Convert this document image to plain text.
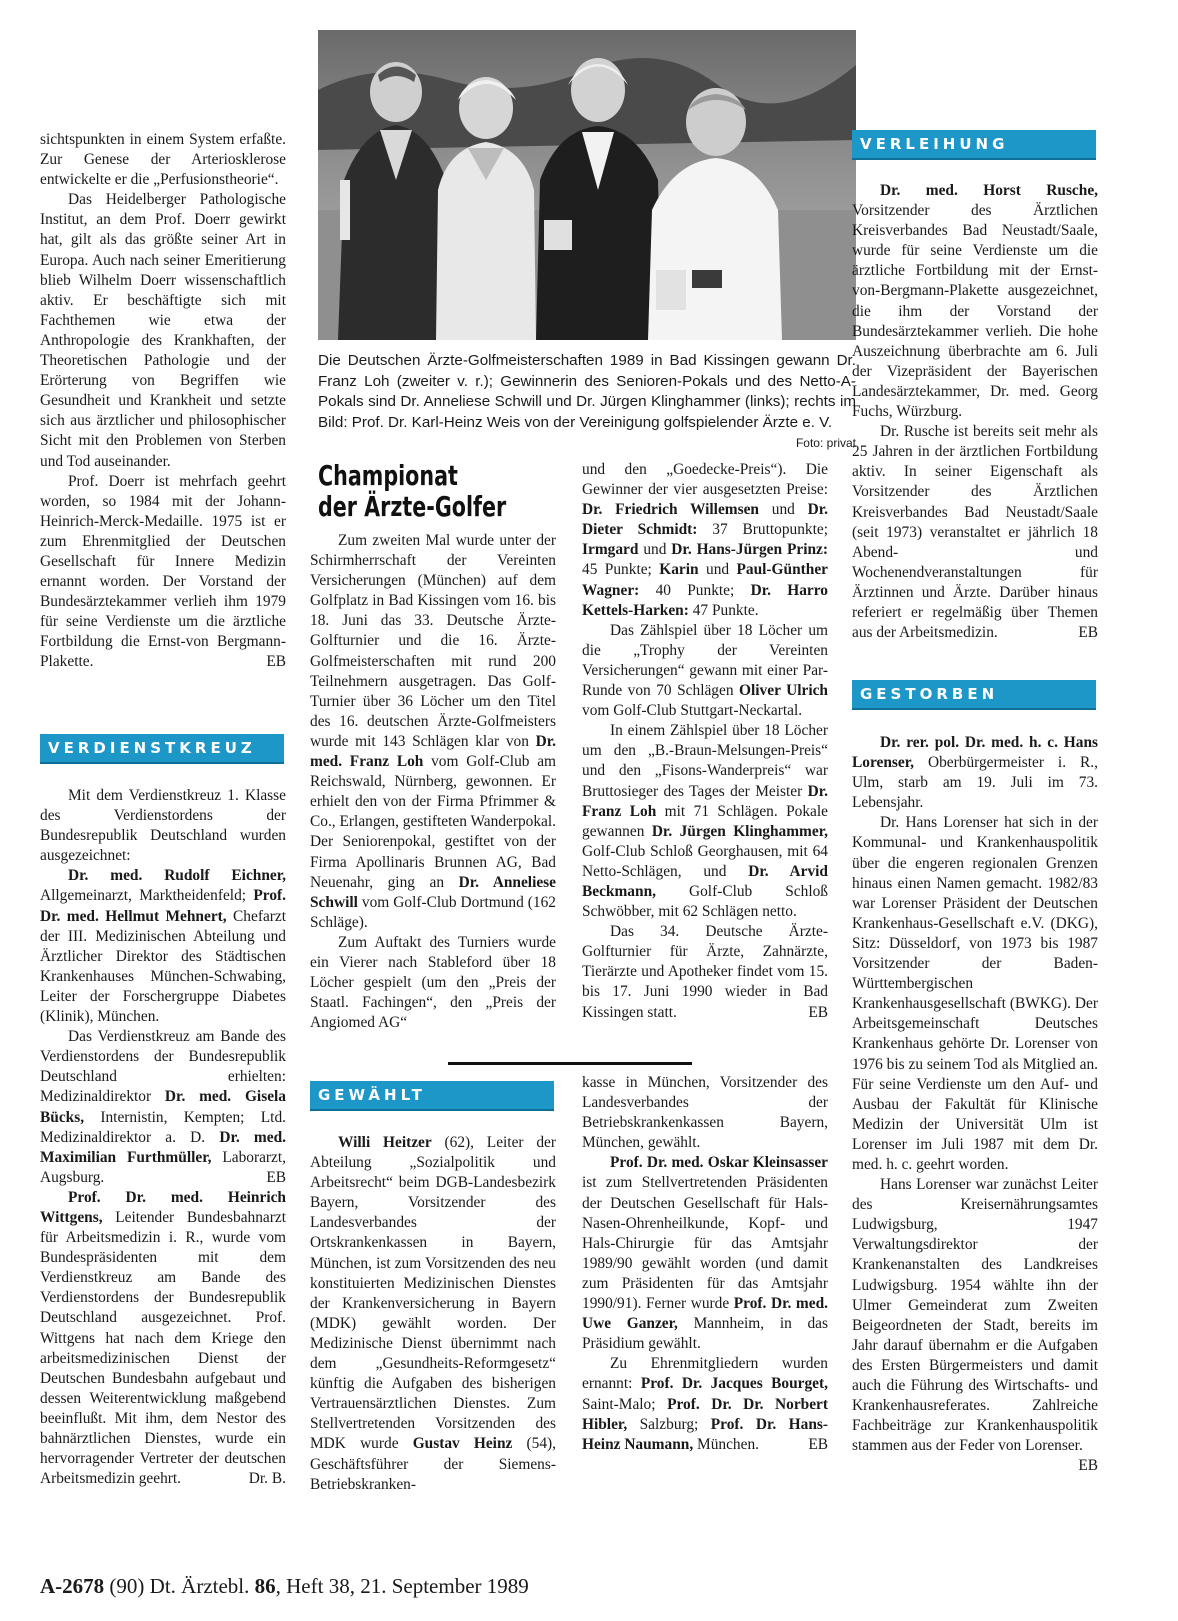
sichtspunkten in einem System erfaßte. Zur Genese der Arteriosklerose entwickelte er die „Perfusionstheorie“.

Das Heidelberger Pathologische Institut, an dem Prof. Doerr gewirkt hat, gilt als das größte seiner Art in Europa. Auch nach seiner Emeritierung blieb Wilhelm Doerr wissenschaftlich aktiv. Er beschäftigte sich mit Fachthemen wie etwa der Anthropologie des Krankhaften, der Theoretischen Pathologie und der Erörterung von Begriffen wie Gesundheit und Krankheit und setzte sich aus ärztlicher und philosophischer Sicht mit den Problemen von Sterben und Tod auseinander.

Prof. Doerr ist mehrfach geehrt worden, so 1984 mit der Johann-Heinrich-Merck-Medaille. 1975 ist er zum Ehrenmitglied der Deutschen Gesellschaft für Innere Medizin ernannt worden. Der Vorstand der Bundesärztekammer verlieh ihm 1979 für seine Verdienste um die ärztliche Fortbildung die Ernst-von Bergmann-Plakette.	EB

VERDIENSTKREUZ

Mit dem Verdienstkreuz 1. Klasse des Verdienstordens der Bundesrepublik Deutschland wurden ausgezeichnet:

Dr. med. Rudolf Eichner, Allgemeinarzt, Marktheidenfeld; Prof. Dr. med. Hellmut Mehnert, Chefarzt der III. Medizinischen Abteilung und Ärztlicher Direktor des Städtischen Krankenhauses München-Schwabing, Leiter der Forschergruppe Diabetes (Klinik), München.

Das Verdienstkreuz am Bande des Verdienstordens der Bundesrepublik Deutschland erhielten: Medizinaldirektor Dr. med. Gisela Bücks, Internistin, Kempten; Ltd. Medizinaldirektor a. D. Dr. med. Maximilian Furthmüller, Laborarzt, Augsburg.	EB

Prof. Dr. med. Heinrich Wittgens, Leitender Bundesbahnarzt für Arbeitsmedizin i. R., wurde vom Bundespräsidenten mit dem Verdienstkreuz am Bande des Verdienstordens der Bundesrepublik Deutschland ausgezeichnet. Prof. Wittgens hat nach dem Kriege den arbeitsmedizinischen Dienst der Deutschen Bundesbahn aufgebaut und dessen Weiterentwicklung maßgebend beeinflußt. Mit ihm, dem Nestor des bahnärztlichen Dienstes, wurde ein hervorragender Vertreter der deutschen Arbeitsmedizin geehrt.	Dr. B.

Die Deutschen Ärzte-Golfmeisterschaften 1989 in Bad Kissingen gewann Dr. Franz Loh (zweiter v. r.); Gewinnerin des Senioren-Pokals und des Netto-A-Pokals sind Dr. Anneliese Schwill und Dr. Jürgen Klinghammer (links); rechts im Bild: Prof. Dr. Karl-Heinz Weis von der Vereinigung golfspielender Ärzte e. V.
Foto: privat
Championat
der Ärzte-Golfer

Zum zweiten Mal wurde unter der Schirmherrschaft der Vereinten Versicherungen (München) auf dem Golfplatz in Bad Kissingen vom 16. bis 18. Juni das 33. Deutsche Ärzte-Golfturnier und die 16. Ärzte-Golfmeisterschaften mit rund 200 Teilnehmern ausgetragen. Das Golf-Turnier über 36 Löcher um den Titel des 16. deutschen Ärzte-Golfmeisters wurde mit 143 Schlägen klar von Dr. med. Franz Loh vom Golf-Club am Reichswald, Nürnberg, gewonnen. Er erhielt den von der Firma Pfrimmer & Co., Erlangen, gestifteten Wanderpokal. Der Seniorenpokal, gestiftet von der Firma Apollinaris Brunnen AG, Bad Neuenahr, ging an Dr. Anneliese Schwill vom Golf-Club Dortmund (162 Schläge).

Zum Auftakt des Turniers wurde ein Vierer nach Stableford über 18 Löcher gespielt (um den „Preis der Staatl. Fachingen“, den „Preis der Angiomed AG“

und den „Goedecke-Preis“). Die Gewinner der vier ausgesetzten Preise: Dr. Friedrich Willemsen und Dr. Dieter Schmidt: 37 Bruttopunkte; Irmgard und Dr. Hans-Jürgen Prinz: 45 Punkte; Karin und Paul-Günther Wagner: 40 Punkte; Dr. Harro Kettels-Harken: 47 Punkte.

Das Zählspiel über 18 Löcher um die „Trophy der Vereinten Versicherungen“ gewann mit einer Par-Runde von 70 Schlägen Oliver Ulrich vom Golf-Club Stuttgart-Neckartal.

In einem Zählspiel über 18 Löcher um den „B.-Braun-Melsungen-Preis“ und den „Fisons-Wanderpreis“ war Bruttosieger des Tages der Meister Dr. Franz Loh mit 71 Schlägen. Pokale gewannen Dr. Jürgen Klinghammer, Golf-Club Schloß Georghausen, mit 64 Netto-Schlägen, und Dr. Arvid Beckmann, Golf-Club Schloß Schwöbber, mit 62 Schlägen netto.

Das 34. Deutsche Ärzte-Golfturnier für Ärzte, Zahnärzte, Tierärzte und Apotheker findet vom 15. bis 17. Juni 1990 wieder in Bad Kissingen statt.	EB

GEWÄHLT

Willi Heitzer (62), Leiter der Abteilung „Sozialpolitik und Arbeitsrecht“ beim DGB-Landesbezirk Bayern, Vorsitzender des Landesverbandes der Ortskrankenkassen in Bayern, München, ist zum Vorsitzenden des neu konstituierten Medizinischen Dienstes der Krankenversicherung in Bayern (MDK) gewählt worden. Der Medizinische Dienst übernimmt nach dem „Gesundheits-Reformgesetz“ künftig die Aufgaben des bisherigen Vertrauensärztlichen Dienstes. Zum Stellvertretenden Vorsitzenden des MDK wurde Gustav Heinz (54), Geschäftsführer der Siemens-Betriebskranken-

kasse in München, Vorsitzender des Landesverbandes der Betriebskrankenkassen Bayern, München, gewählt.

Prof. Dr. med. Oskar Kleinsasser ist zum Stellvertretenden Präsidenten der Deutschen Gesellschaft für Hals-Nasen-Ohrenheilkunde, Kopf- und Hals-Chirurgie für das Amtsjahr 1989/90 gewählt worden (und damit zum Präsidenten für das Amtsjahr 1990/91). Ferner wurde Prof. Dr. med. Uwe Ganzer, Mannheim, in das Präsidium gewählt.

Zu Ehrenmitgliedern wurden ernannt: Prof. Dr. Jacques Bourget, Saint-Malo; Prof. Dr. Dr. Norbert Hibler, Salzburg; Prof. Dr. Hans-Heinz Naumann, München.	EB

VERLEIHUNG

Dr. med. Horst Rusche, Vorsitzender des Ärztlichen Kreisverbandes Bad Neustadt/Saale, wurde für seine Verdienste um die ärztliche Fortbildung mit der Ernst-von-Bergmann-Plakette ausgezeichnet, die ihm der Vorstand der Bundesärztekammer verlieh. Die hohe Auszeichnung überbrachte am 6. Juli der Vizepräsident der Bayerischen Landesärztekammer, Dr. med. Georg Fuchs, Würzburg.

Dr. Rusche ist bereits seit mehr als 25 Jahren in der ärztlichen Fortbildung aktiv. In seiner Eigenschaft als Vorsitzender des Ärztlichen Kreisverbandes Bad Neustadt/Saale (seit 1973) veranstaltet er jährlich 18 Abend- und Wochenendveranstaltungen für Ärztinnen und Ärzte. Darüber hinaus referiert er regelmäßig über Themen aus der Arbeitsmedizin.	EB

GESTORBEN

Dr. rer. pol. Dr. med. h. c. Hans Lorenser, Oberbürgermeister i. R., Ulm, starb am 19. Juli im 73. Lebensjahr.

Dr. Hans Lorenser hat sich in der Kommunal- und Krankenhauspolitik über die engeren regionalen Grenzen hinaus einen Namen gemacht. 1982/83 war Lorenser Präsident der Deutschen Krankenhaus-Gesellschaft e.V. (DKG), Sitz: Düsseldorf, von 1973 bis 1987 Vorsitzender der Baden-Württembergischen Krankenhausgesellschaft (BWKG). Der Arbeitsgemeinschaft Deutsches Krankenhaus gehörte Dr. Lorenser von 1976 bis zu seinem Tod als Mitglied an. Für seine Verdienste um den Auf- und Ausbau der Fakultät für Klinische Medizin der Universität Ulm ist Lorenser im Juli 1987 mit dem Dr. med. h. c. geehrt worden.

Hans Lorenser war zunächst Leiter des Kreisernährungsamtes Ludwigsburg, 1947 Verwaltungsdirektor der Krankenanstalten des Landkreises Ludwigsburg. 1954 wählte ihn der Ulmer Gemeinderat zum Zweiten Beigeordneten der Stadt, bereits im Jahr darauf übernahm er die Aufgaben des Ersten Bürgermeisters und damit auch die Führung des Wirtschafts- und Krankenhausreferates. Zahlreiche Fachbeiträge zur Krankenhauspolitik stammen aus der Feder von Lorenser.
EB

A-2678 (90) Dt. Ärztebl. 86, Heft 38, 21. September 1989
